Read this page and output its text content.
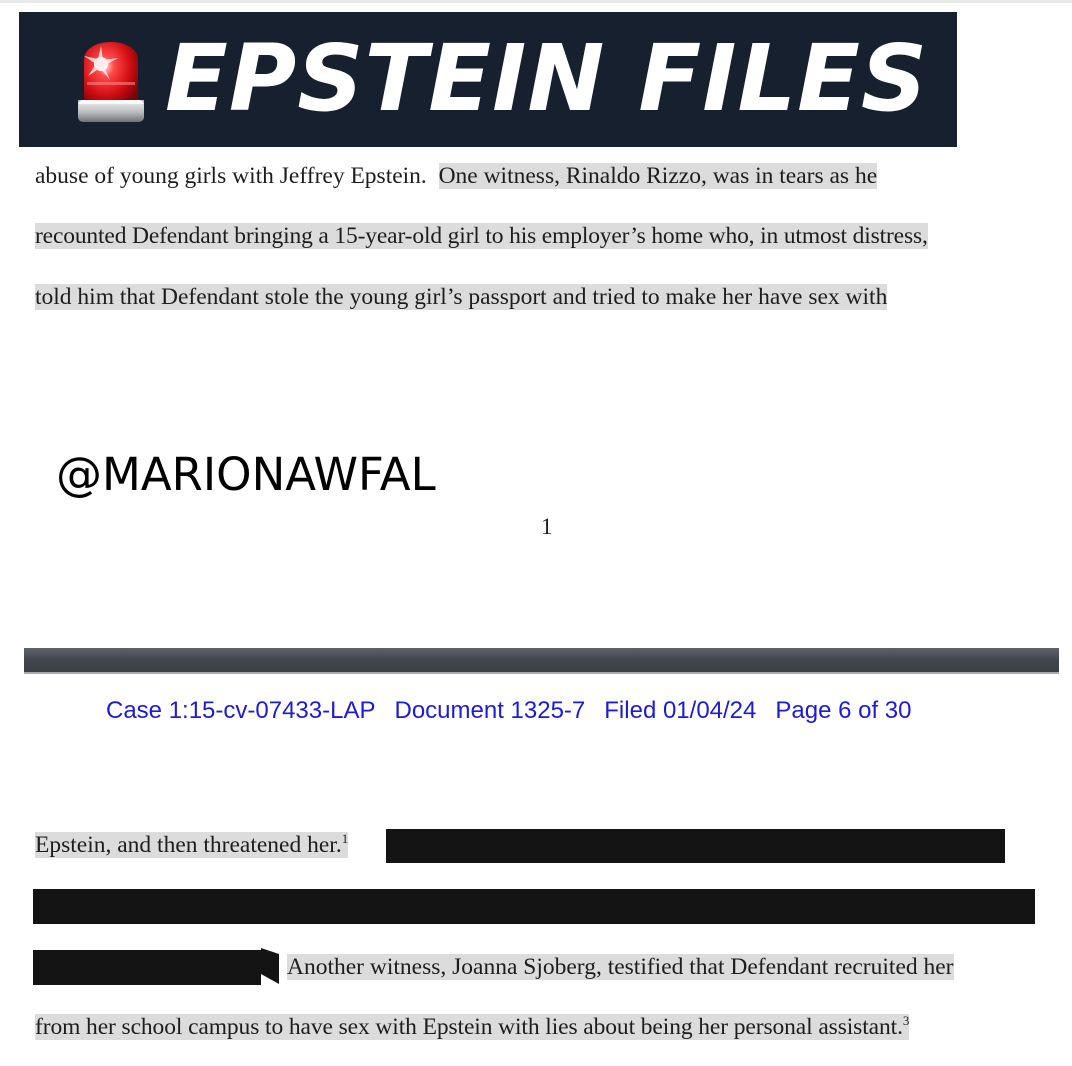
EPSTEIN FILES
abuse of young girls with Jeffrey Epstein.  One witness, Rinaldo Rizzo, was in tears as he
recounted Defendant bringing a 15-year-old girl to his employer’s home who, in utmost distress,
told him that Defendant stole the young girl’s passport and tried to make her have sex with
@MARIONAWFAL
1
Case 1:15-cv-07433-LAP Document 1325-7 Filed 01/04/24 Page 6 of 30
Epstein, and then threatened her.$^1$
Another witness, Joanna Sjoberg, testified that Defendant recruited her
from her school campus to have sex with Epstein with lies about being her personal assistant.$^3$
